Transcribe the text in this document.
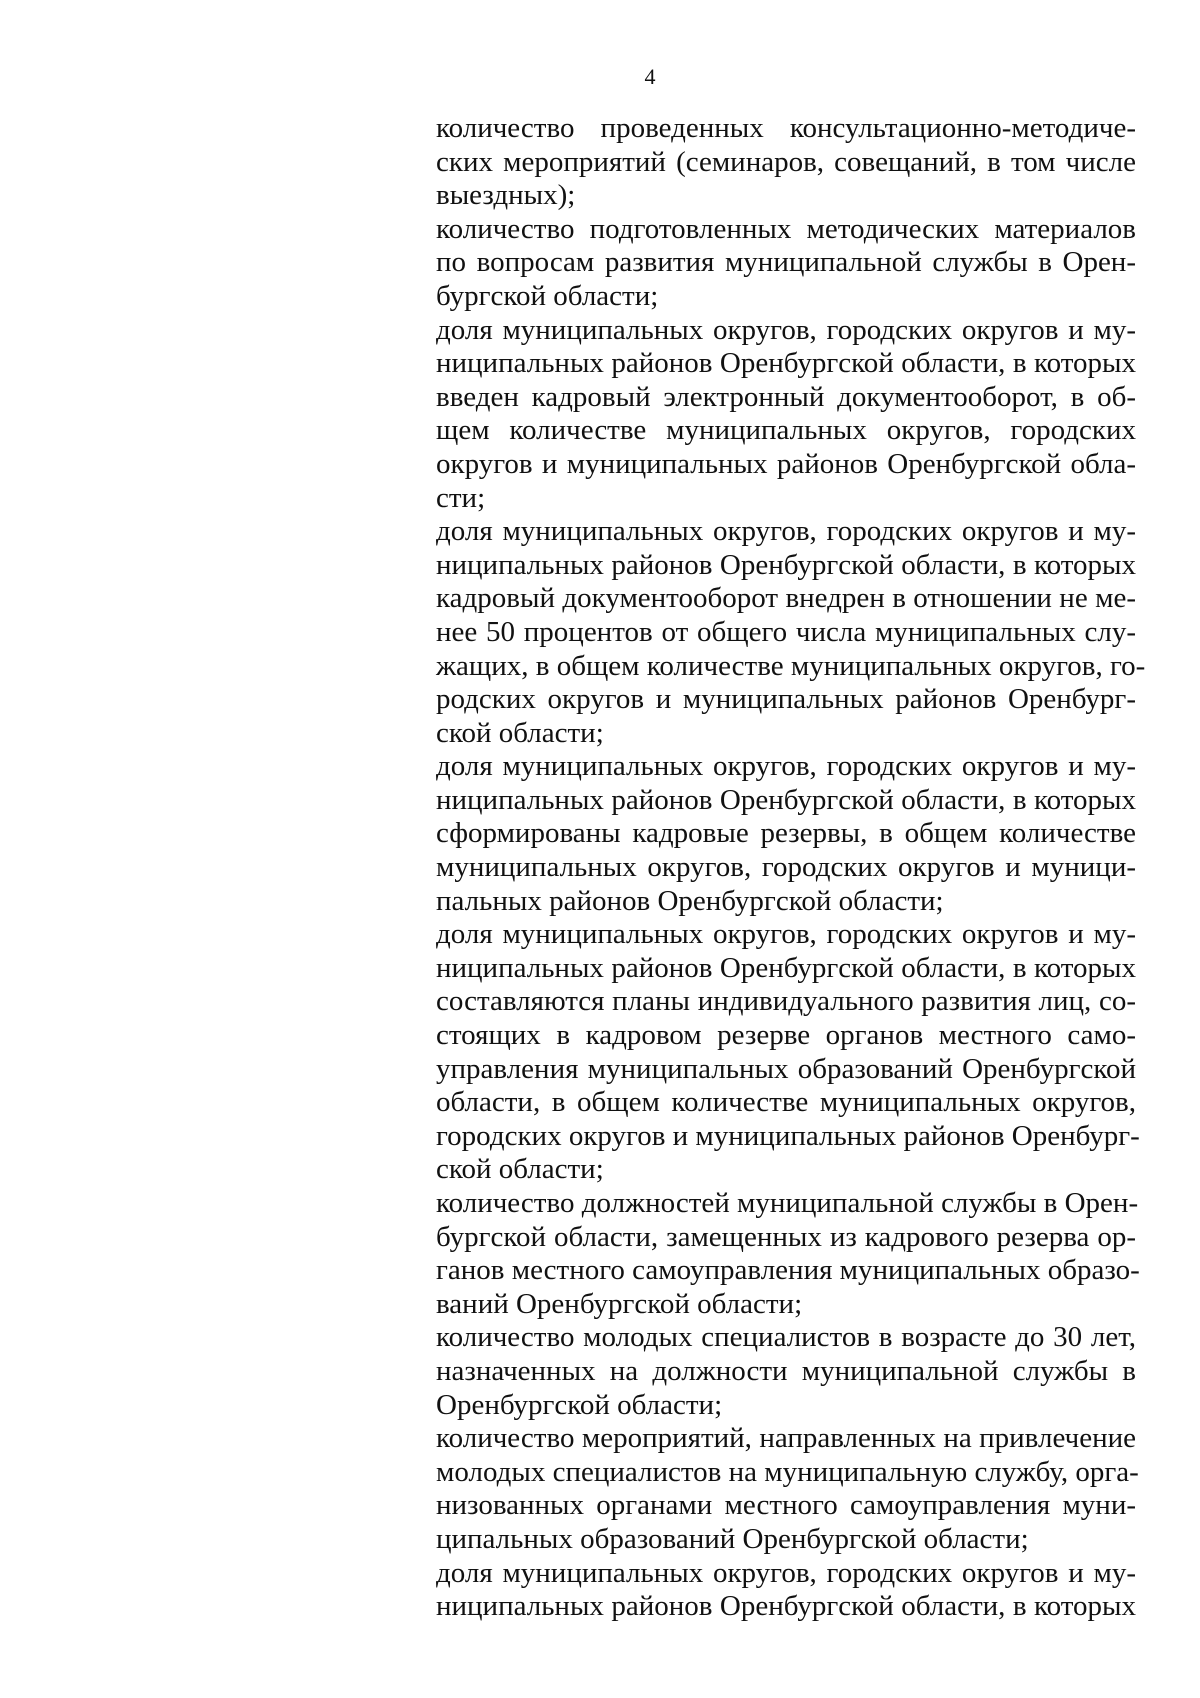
4
количество проведенных консультационно-методиче-
ских мероприятий (семинаров, совещаний, в том числе
выездных);
количество подготовленных методических материалов
по вопросам развития муниципальной службы в Орен-
бургской области;
доля муниципальных округов, городских округов и му-
ниципальных районов Оренбургской области, в которых
введен кадровый электронный документооборот, в об-
щем количестве муниципальных округов, городских
округов и муниципальных районов Оренбургской обла-
сти;
доля муниципальных округов, городских округов и му-
ниципальных районов Оренбургской области, в которых
кадровый документооборот внедрен в отношении не ме-
нее 50 процентов от общего числа муниципальных слу-
жащих, в общем количестве муниципальных округов, го-
родских округов и муниципальных районов Оренбург-
ской области;
доля муниципальных округов, городских округов и му-
ниципальных районов Оренбургской области, в которых
сформированы кадровые резервы, в общем количестве
муниципальных округов, городских округов и муници-
пальных районов Оренбургской области;
доля муниципальных округов, городских округов и му-
ниципальных районов Оренбургской области, в которых
составляются планы индивидуального развития лиц, со-
стоящих в кадровом резерве органов местного само-
управления муниципальных образований Оренбургской
области, в общем количестве муниципальных округов,
городских округов и муниципальных районов Оренбург-
ской области;
количество должностей муниципальной службы в Орен-
бургской области, замещенных из кадрового резерва ор-
ганов местного самоуправления муниципальных образо-
ваний Оренбургской области;
количество молодых специалистов в возрасте до 30 лет,
назначенных на должности муниципальной службы в
Оренбургской области;
количество мероприятий, направленных на привлечение
молодых специалистов на муниципальную службу, орга-
низованных органами местного самоуправления муни-
ципальных образований Оренбургской области;
доля муниципальных округов, городских округов и му-
ниципальных районов Оренбургской области, в которых
